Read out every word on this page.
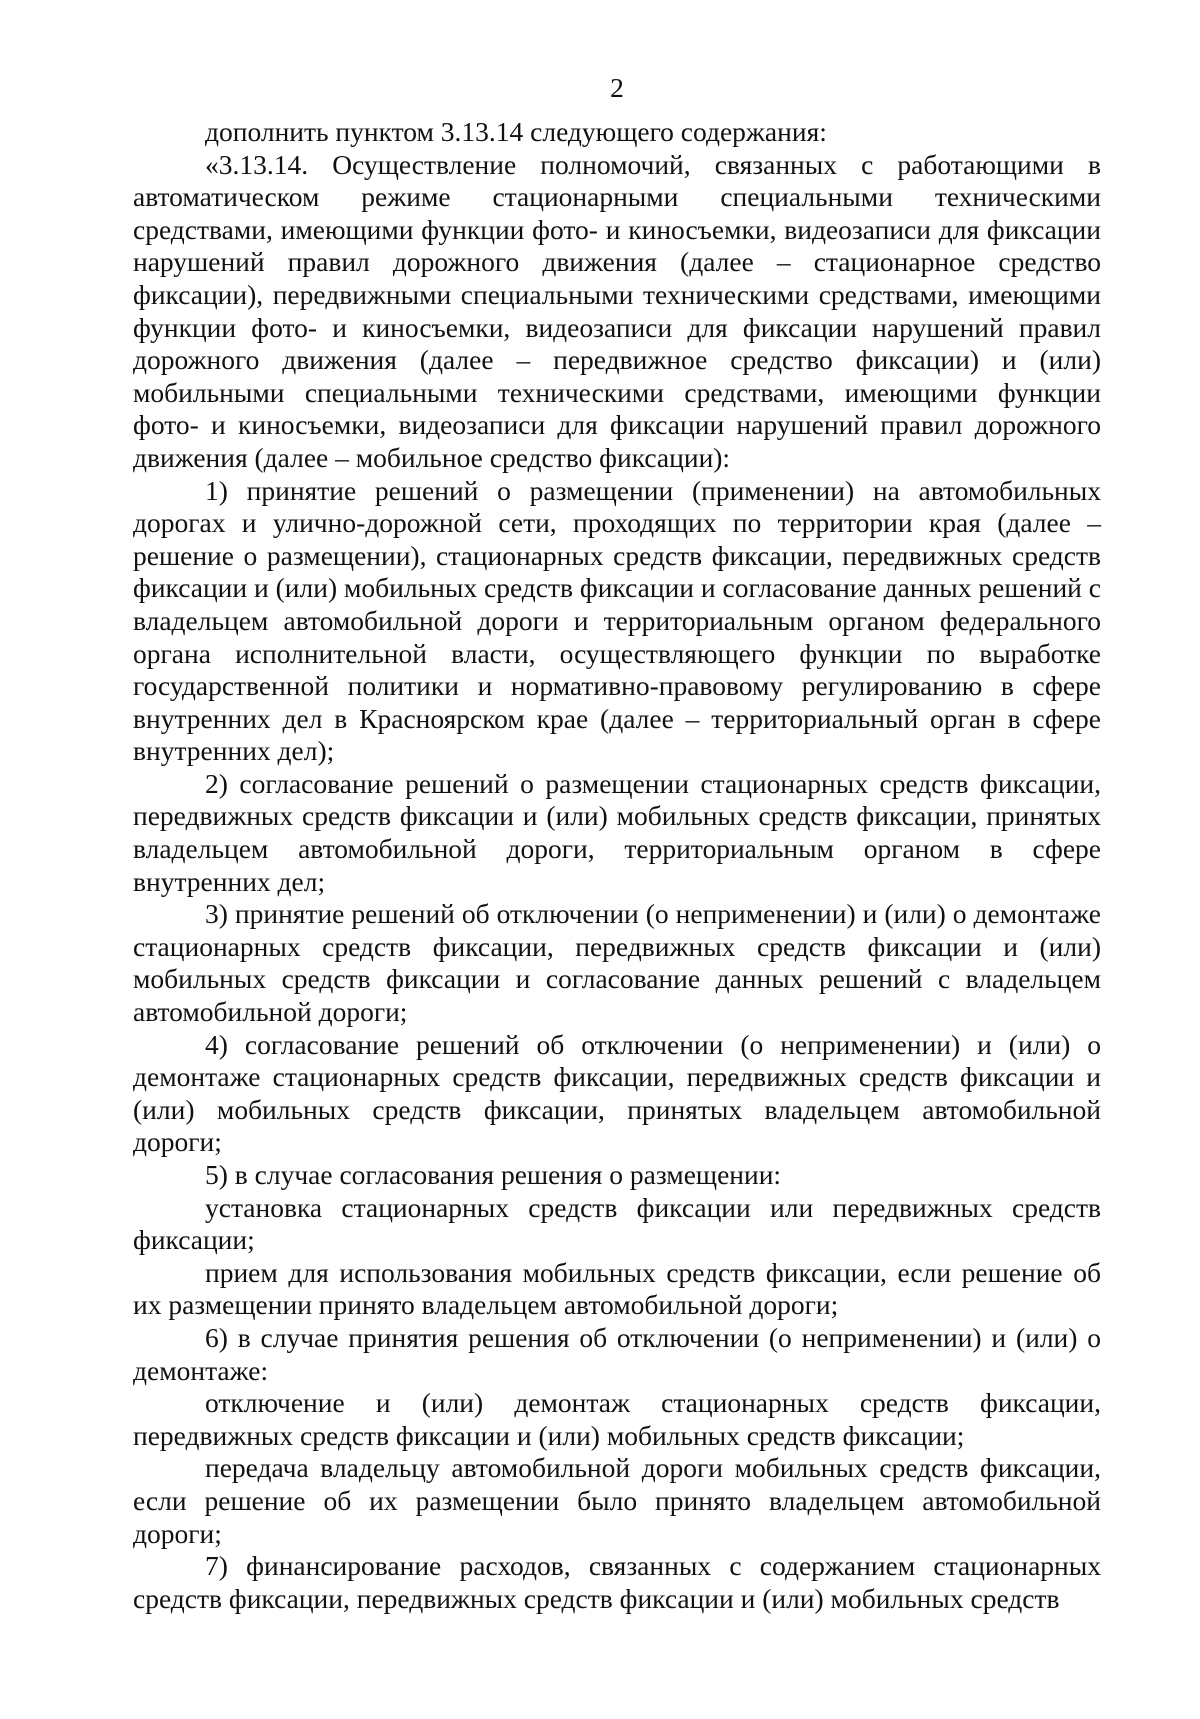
2

дополнить пунктом 3.13.14 следующего содержания:

«3.13.14. Осуществление полномочий, связанных с работающими в автоматическом режиме стационарными специальными техническими средствами, имеющими функции фото- и киносъемки, видеозаписи для фиксации нарушений правил дорожного движения (далее – стационарное средство фиксации), передвижными специальными техническими средствами, имеющими функции фото- и киносъемки, видеозаписи для фиксации нарушений правил дорожного движения (далее – передвижное средство фиксации) и (или) мобильными специальными техническими средствами, имеющими функции фото- и киносъемки, видеозаписи для фиксации нарушений правил дорожного движения (далее – мобильное средство фиксации):

1) принятие решений о размещении (применении) на автомобильных дорогах и улично-дорожной сети, проходящих по территории края (далее – решение о размещении), стационарных средств фиксации, передвижных средств фиксации и (или) мобильных средств фиксации и согласование данных решений с владельцем автомобильной дороги и территориальным органом федерального органа исполнительной власти, осуществляющего функции по выработке государственной политики и нормативно-правовому регулированию в сфере внутренних дел в Красноярском крае (далее – территориальный орган в сфере внутренних дел);

2) согласование решений о размещении стационарных средств фиксации, передвижных средств фиксации и (или) мобильных средств фиксации, принятых владельцем автомобильной дороги, территориальным органом в сфере внутренних дел;

3) принятие решений об отключении (о неприменении) и (или) о демонтаже стационарных средств фиксации, передвижных средств фиксации и (или) мобильных средств фиксации и согласование данных решений с владельцем автомобильной дороги;

4) согласование решений об отключении (о неприменении) и (или) о демонтаже стационарных средств фиксации, передвижных средств фиксации и (или) мобильных средств фиксации, принятых владельцем автомобильной дороги;

5) в случае согласования решения о размещении:

установка стационарных средств фиксации или передвижных средств фиксации;

прием для использования мобильных средств фиксации, если решение об их размещении принято владельцем автомобильной дороги;

6) в случае принятия решения об отключении (о неприменении) и (или) о демонтаже:

отключение и (или) демонтаж стационарных средств фиксации, передвижных средств фиксации и (или) мобильных средств фиксации;

передача владельцу автомобильной дороги мобильных средств фиксации, если решение об их размещении было принято владельцем автомобильной дороги;

7) финансирование расходов, связанных с содержанием стационарных средств фиксации, передвижных средств фиксации и (или) мобильных средств
